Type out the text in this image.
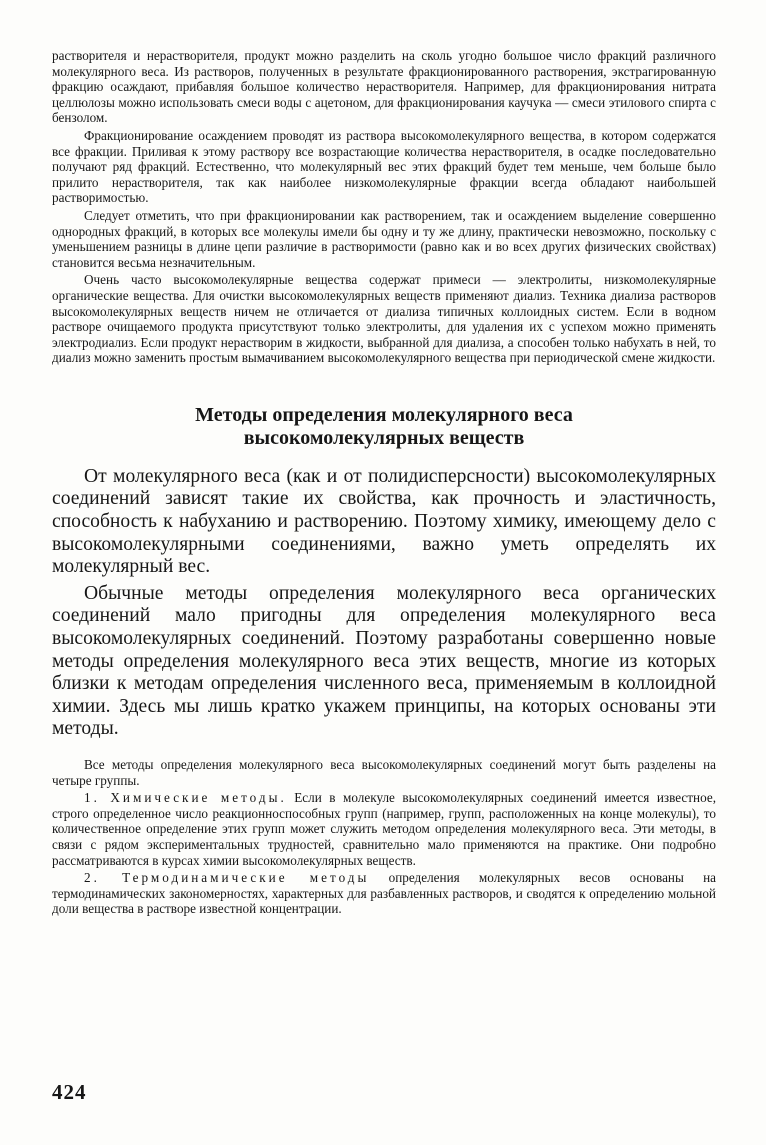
растворителя и нерастворителя, продукт можно разделить на сколь угодно большое число фракций различного молекулярного веса. Из растворов, полученных в результате фракционированного растворения, экстрагированную фракцию осаждают, прибавляя большое количество нерастворителя. Например, для фракционирования нитрата целлюлозы можно использовать смеси воды с ацетоном, для фракционирования каучука — смеси этилового спирта с бензолом.

Фракционирование осаждением проводят из раствора высокомолекулярного вещества, в котором содержатся все фракции. Приливая к этому раствору все возрастающие количества нерастворителя, в осадке последовательно получают ряд фракций. Естественно, что молекулярный вес этих фракций будет тем меньше, чем больше было прилито нерастворителя, так как наиболее низкомолекулярные фракции всегда обладают наибольшей растворимостью.

Следует отметить, что при фракционировании как растворением, так и осаждением выделение совершенно однородных фракций, в которых все молекулы имели бы одну и ту же длину, практически невозможно, поскольку с уменьшением разницы в длине цепи различие в растворимости (равно как и во всех других физических свойствах) становится весьма незначительным.

Очень часто высокомолекулярные вещества содержат примеси — электролиты, низкомолекулярные органические вещества. Для очистки высокомолекулярных веществ применяют диализ. Техника диализа растворов высокомолекулярных веществ ничем не отличается от диализа типичных коллоидных систем. Если в водном растворе очищаемого продукта присутствуют только электролиты, для удаления их с успехом можно применять электродиализ. Если продукт нерастворим в жидкости, выбранной для диализа, а способен только набухать в ней, то диализ можно заменить простым вымачиванием высокомолекулярного вещества при периодической смене жидкости.

Методы определения молекулярного веса
высокомолекулярных веществ

От молекулярного веса (как и от полидисперсности) высокомолекулярных соединений зависят такие их свойства, как прочность и эластичность, способность к набуханию и растворению. Поэтому химику, имеющему дело с высокомолекулярными соединениями, важно уметь определять их молекулярный вес.

Обычные методы определения молекулярного веса органических соединений мало пригодны для определения молекулярного веса высокомолекулярных соединений. Поэтому разработаны совершенно новые методы определения молекулярного веса этих веществ, многие из которых близки к методам определения численного веса, применяемым в коллоидной химии. Здесь мы лишь кратко укажем принципы, на которых основаны эти методы.

Все методы определения молекулярного веса высокомолекулярных соединений могут быть разделены на четыре группы.

1. Химические методы. Если в молекуле высокомолекулярных соединений имеется известное, строго определенное число реакционноспособных групп (например, групп, расположенных на конце молекулы), то количественное определение этих групп может служить методом определения молекулярного веса. Эти методы, в связи с рядом экспериментальных трудностей, сравнительно мало применяются на практике. Они подробно рассматриваются в курсах химии высокомолекулярных веществ.

2. Термодинамические методы определения молекулярных весов основаны на термодинамических закономерностях, характерных для разбавленных растворов, и сводятся к определению мольной доли вещества в растворе известной концентрации.

424
